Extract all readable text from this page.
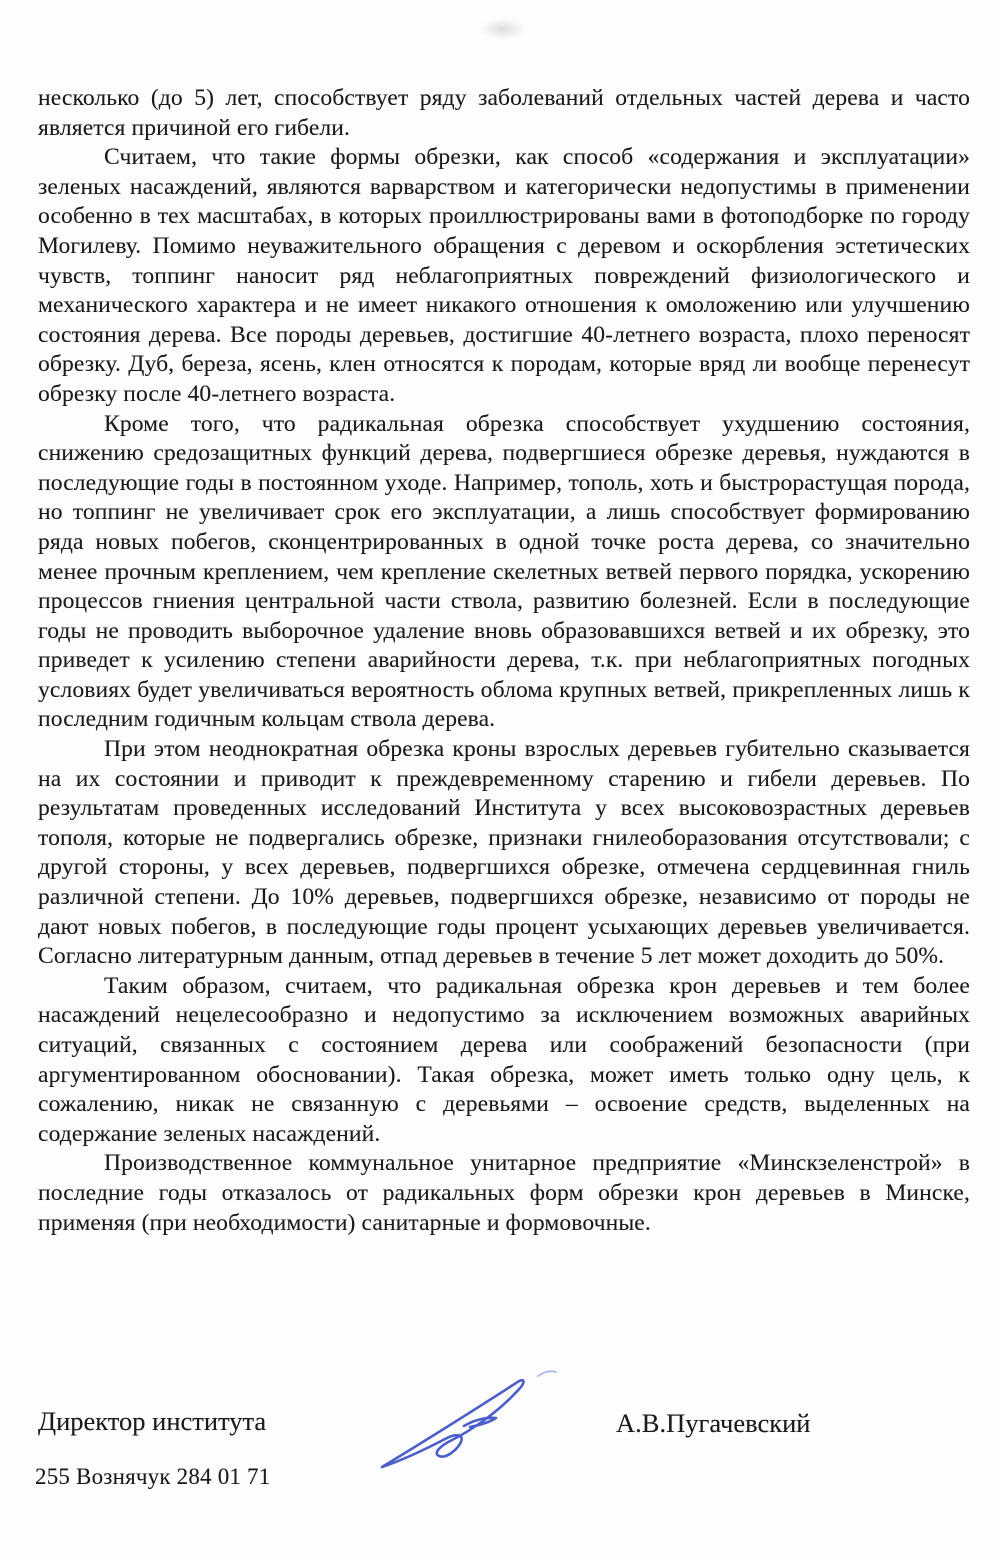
несколько (до 5) лет, способствует ряду заболеваний отдельных частей дерева и часто является причиной его гибели.

Считаем, что такие формы обрезки, как способ «содержания и эксплуатации» зеленых насаждений, являются варварством и категорически недопустимы в применении особенно в тех масштабах, в которых проиллюстрированы вами в фотоподборке по городу Могилеву. Помимо неуважительного обращения с деревом и оскорбления эстетических чувств, топпинг наносит ряд неблагоприятных повреждений физиологического и механического характера и не имеет никакого отношения к омоложению или улучшению состояния дерева. Все породы деревьев, достигшие 40-летнего возраста, плохо переносят обрезку. Дуб, береза, ясень, клен относятся к породам, которые вряд ли вообще перенесут обрезку после 40-летнего возраста.

Кроме того, что радикальная обрезка способствует ухудшению состояния, снижению средозащитных функций дерева, подвергшиеся обрезке деревья, нуждаются в последующие годы в постоянном уходе. Например, тополь, хоть и быстрорастущая порода, но топпинг не увеличивает срок его эксплуатации, а лишь способствует формированию ряда новых побегов, сконцентрированных в одной точке роста дерева, со значительно менее прочным креплением, чем крепление скелетных ветвей первого порядка, ускорению процессов гниения центральной части ствола, развитию болезней. Если в последующие годы не проводить выборочное удаление вновь образовавшихся ветвей и их обрезку, это приведет к усилению степени аварийности дерева, т.к. при неблагоприятных погодных условиях будет увеличиваться вероятность облома крупных ветвей, прикрепленных лишь к последним годичным кольцам ствола дерева.

При этом неоднократная обрезка кроны взрослых деревьев губительно сказывается на их состоянии и приводит к преждевременному старению и гибели деревьев. По результатам проведенных исследований Института у всех высоковозрастных деревьев тополя, которые не подвергались обрезке, признаки гнилеоборазования отсутствовали; с другой стороны, у всех деревьев, подвергшихся обрезке, отмечена сердцевинная гниль различной степени. До 10% деревьев, подвергшихся обрезке, независимо от породы не дают новых побегов, в последующие годы процент усыхающих деревьев увеличивается. Согласно литературным данным, отпад деревьев в течение 5 лет может доходить до 50%.

Таким образом, считаем, что радикальная обрезка крон деревьев и тем более насаждений нецелесообразно и недопустимо за исключением возможных аварийных ситуаций, связанных с состоянием дерева или соображений безопасности (при аргументированном обосновании). Такая обрезка, может иметь только одну цель, к сожалению, никак не связанную с деревьями – освоение средств, выделенных на содержание зеленых насаждений.

Производственное коммунальное унитарное предприятие «Минскзеленстрой» в последние годы отказалось от радикальных форм обрезки крон деревьев в Минске, применяя (при необходимости) санитарные и формовочные.

Директор института	А.В.Пугачевский
255 Вознячук 284 01 71
